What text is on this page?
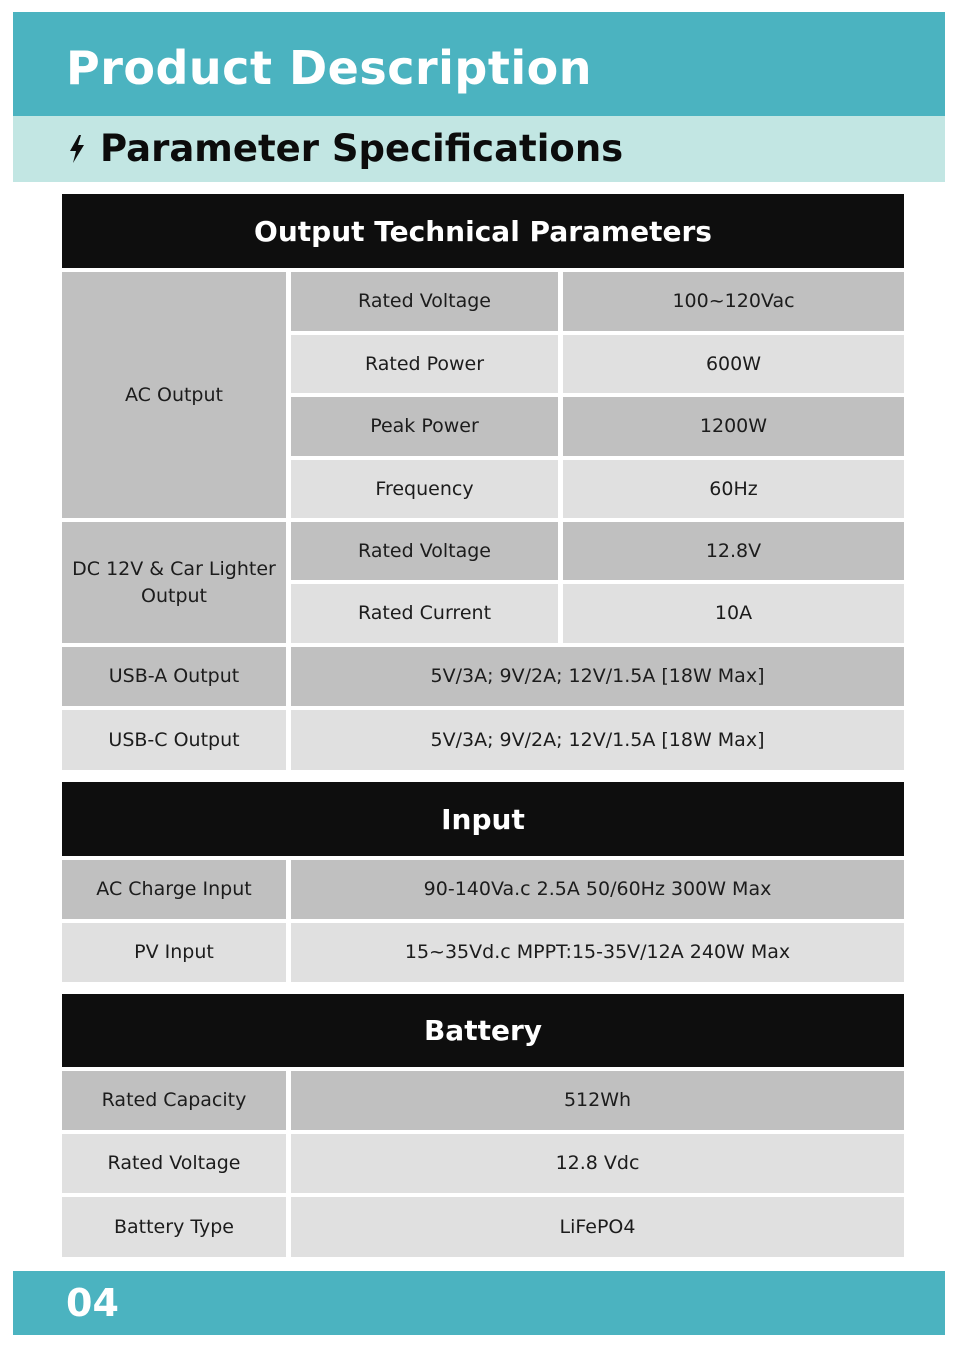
Product Description
Parameter Specifications
Output Technical Parameters
AC Output
Rated Voltage	100~120Vac
Rated Power	600W
Peak Power	1200W
Frequency	60Hz
DC 12V & Car Lighter Output
Rated Voltage	12.8V
Rated Current	10A
USB-A Output	5V/3A; 9V/2A; 12V/1.5A [18W Max]
USB-C Output	5V/3A; 9V/2A; 12V/1.5A [18W Max]
Input
AC Charge Input	90-140Va.c 2.5A 50/60Hz 300W Max
PV Input	15~35Vd.c MPPT:15-35V/12A 240W Max
Battery
Rated Capacity	512Wh
Rated Voltage	12.8 Vdc
Battery Type	LiFePO4
04
